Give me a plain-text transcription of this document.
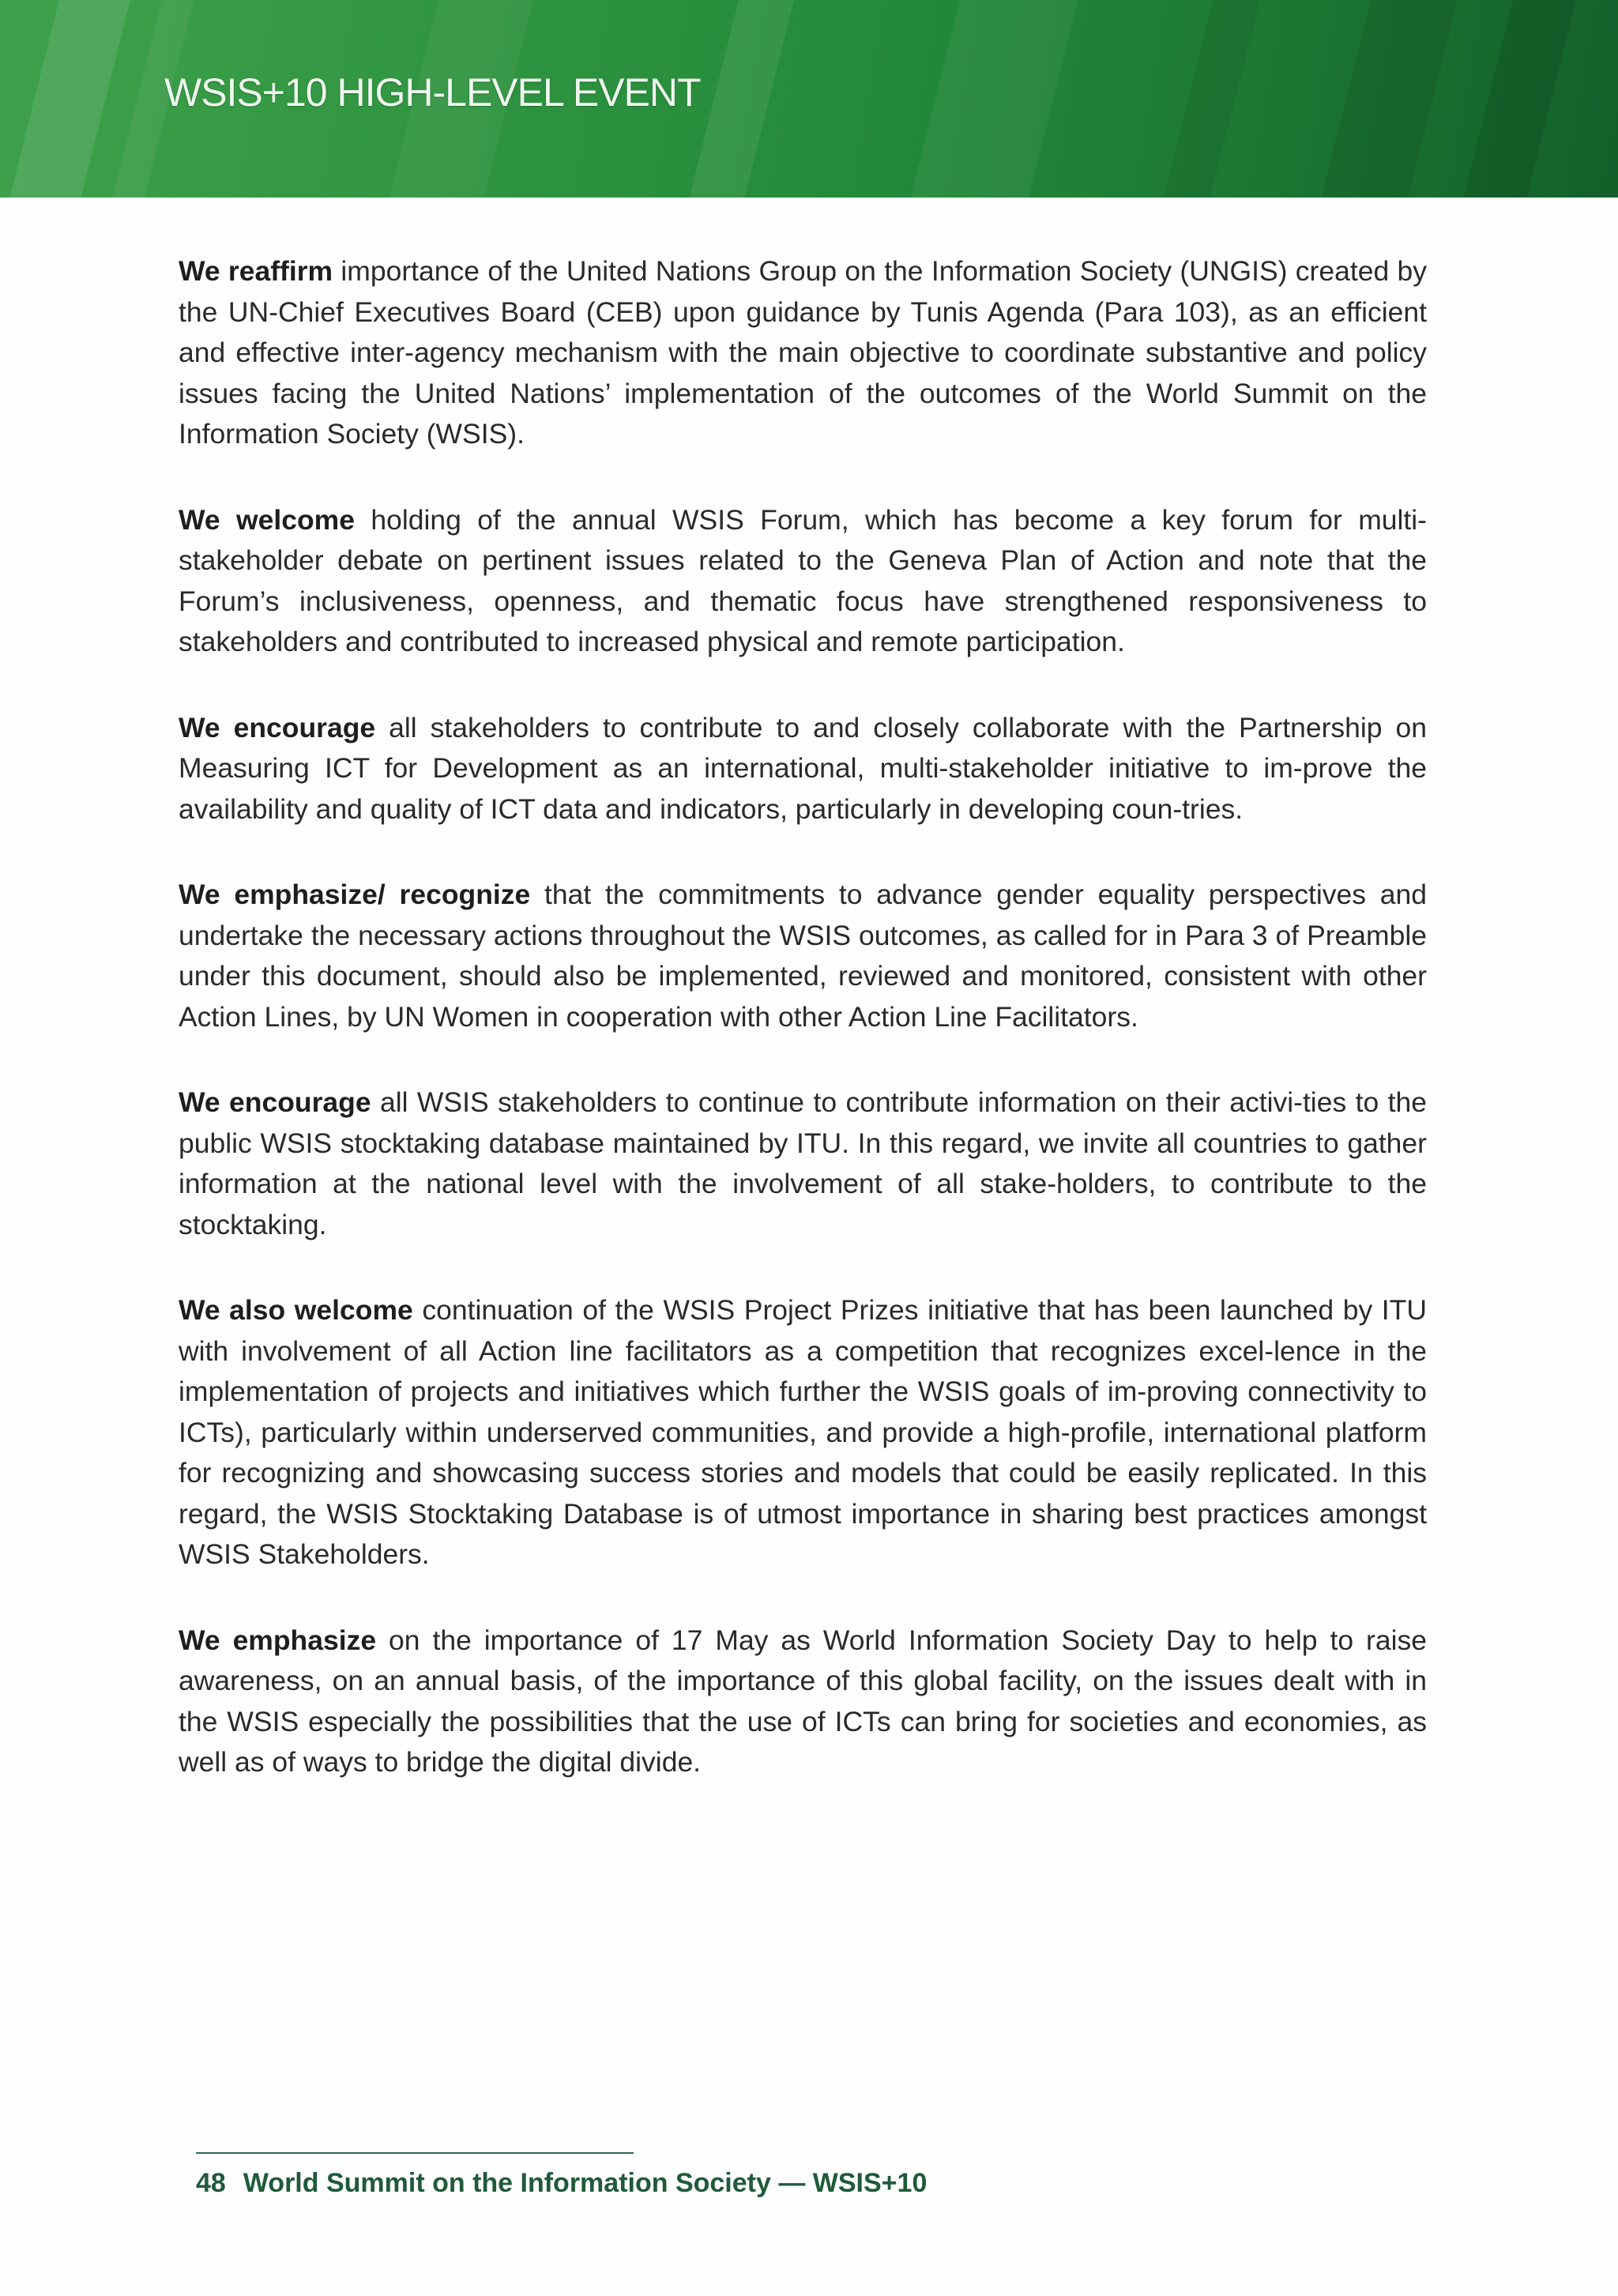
WSIS+10 HIGH-LEVEL EVENT

We reaffirm importance of the United Nations Group on the Information Society (UNGIS) created by the UN-Chief Executives Board (CEB) upon guidance by Tunis Agenda (Para 103), as an efficient and effective inter-agency mechanism with the main objective to coordinate substantive and policy issues facing the United Nations’ implementation of the outcomes of the World Summit on the Information Society (WSIS).

We welcome holding of the annual WSIS Forum, which has become a key forum for multi-stakeholder debate on pertinent issues related to the Geneva Plan of Action and note that the Forum’s inclusiveness, openness, and thematic focus have strengthened responsiveness to stakeholders and contributed to increased physical and remote participation.

We encourage all stakeholders to contribute to and closely collaborate with the Partnership on Measuring ICT for Development as an international, multi-stakeholder initiative to im-prove the availability and quality of ICT data and indicators, particularly in developing coun-tries.

We emphasize/ recognize that the commitments to advance gender equality perspectives and undertake the necessary actions throughout the WSIS outcomes, as called for in Para 3 of Preamble under this document, should also be implemented, reviewed and monitored, consistent with other Action Lines, by UN Women in cooperation with other Action Line Facilitators.

We encourage all WSIS stakeholders to continue to contribute information on their activi-ties to the public WSIS stocktaking database maintained by ITU. In this regard, we invite all countries to gather information at the national level with the involvement of all stake-holders, to contribute to the stocktaking.

We also welcome continuation of the WSIS Project Prizes initiative that has been launched by ITU with involvement of all Action line facilitators as a competition that recognizes excel-lence in the implementation of projects and initiatives which further the WSIS goals of im-proving connectivity to ICTs), particularly within underserved communities, and provide a high-profile, international platform for recognizing and showcasing success stories and models that could be easily replicated. In this regard, the WSIS Stocktaking Database is of utmost importance in sharing best practices amongst WSIS Stakeholders.

We emphasize on the importance of 17 May as World Information Society Day to help to raise awareness, on an annual basis, of the importance of this global facility, on the issues dealt with in the WSIS especially the possibilities that the use of ICTs can bring for societies and economies, as well as of ways to bridge the digital divide.

48 World Summit on the Information Society — WSIS+10
